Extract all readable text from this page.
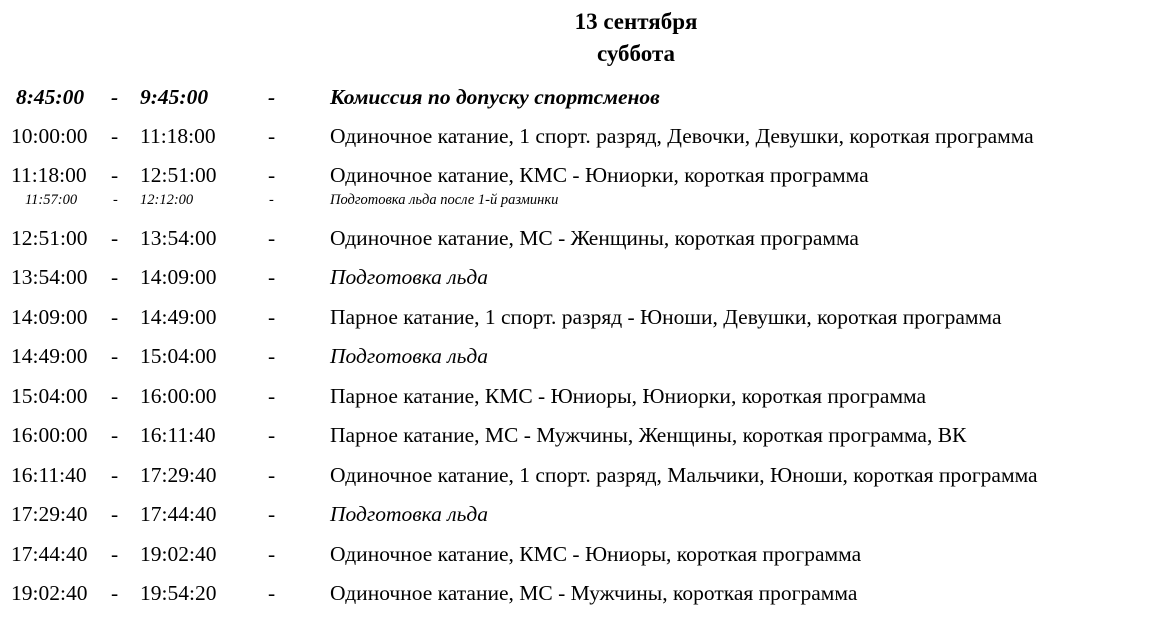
13 сентября
суббота
8:45:00 - 9:45:00	-	Комиссия по допуску спортсменов
10:00:00 - 11:18:00 -	Одиночное катание, 1 спорт. разряд, Девочки, Девушки, короткая программа
11:18:00 - 12:51:00 -	Одиночное катание, КМС - Юниорки, короткая программа
11:57:00 - 12:12:00	-	Подготовка льда после 1-й разминки
12:51:00 - 13:54:00 -	Одиночное катание, МС - Женщины, короткая программа
13:54:00 - 14:09:00 -	Подготовка льда
14:09:00 - 14:49:00 -	Парное катание, 1 спорт. разряд - Юноши, Девушки, короткая программа
14:49:00 - 15:04:00 -	Подготовка льда
15:04:00 - 16:00:00 -	Парное катание, КМС - Юниоры, Юниорки, короткая программа
16:00:00 - 16:11:40 -	Парное катание, МС - Мужчины, Женщины, короткая программа, ВК
16:11:40 - 17:29:40 -	Одиночное катание, 1 спорт. разряд, Мальчики, Юноши, короткая программа
17:29:40 - 17:44:40 -	Подготовка льда
17:44:40 - 19:02:40 -	Одиночное катание, КМС - Юниоры, короткая программа
19:02:40 - 19:54:20 -	Одиночное катание, МС - Мужчины, короткая программа
